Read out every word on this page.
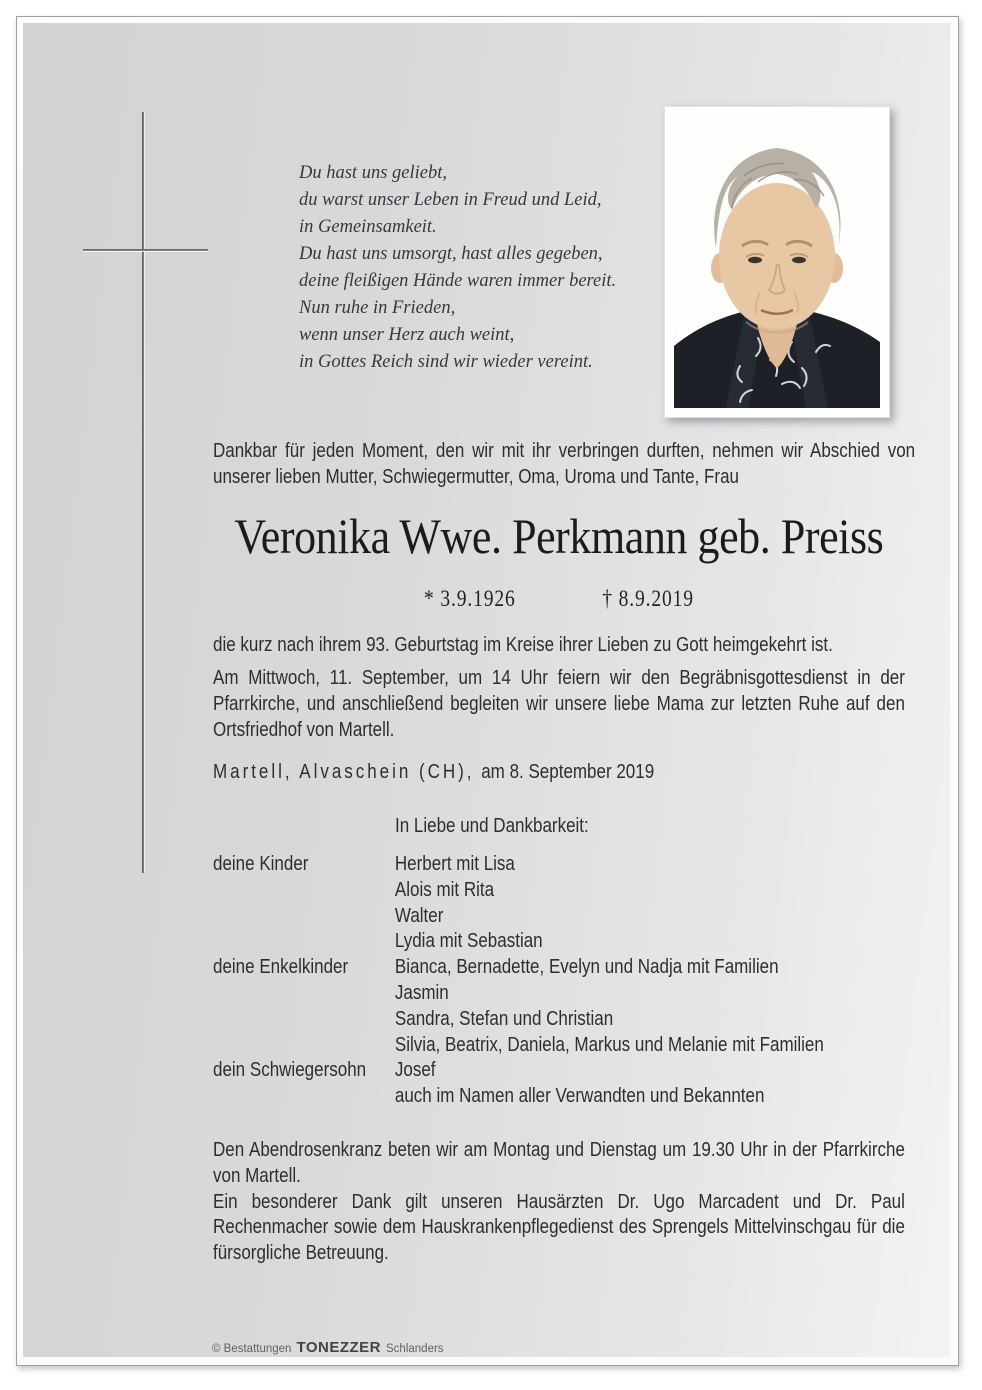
Du hast uns geliebt,
du warst unser Leben in Freud und Leid,
in Gemeinsamkeit.
Du hast uns umsorgt, hast alles gegeben,
deine fleißigen Hände waren immer bereit.
Nun ruhe in Frieden,
wenn unser Herz auch weint,
in Gottes Reich sind wir wieder vereint.
Dankbar für jeden Moment, den wir mit ihr verbringen durften, nehmen wir Abschied von unserer lieben Mutter, Schwiegermutter, Oma, Uroma und Tante, Frau
Veronika Wwe. Perkmann geb. Preiss
* 3.9.1926	† 8.9.2019
die kurz nach ihrem 93. Geburtstag im Kreise ihrer Lieben zu Gott heimgekehrt ist.
Am Mittwoch, 11. September, um 14 Uhr feiern wir den Begräbnisgottesdienst in der Pfarrkirche, und anschließend begleiten wir unsere liebe Mama zur letzten Ruhe auf den Ortsfriedhof von Martell.
Martell, Alvaschein (CH), am 8. September 2019
In Liebe und Dankbarkeit:
deine Kinder	Herbert mit Lisa
Alois mit Rita
Walter
Lydia mit Sebastian
deine Enkelkinder	Bianca, Bernadette, Evelyn und Nadja mit Familien
Jasmin
Sandra, Stefan und Christian
Silvia, Beatrix, Daniela, Markus und Melanie mit Familien
dein Schwiegersohn	Josef
auch im Namen aller Verwandten und Bekannten

Den Abendrosenkranz beten wir am Montag und Dienstag um 19.30 Uhr in der Pfarrkirche von Martell.

Ein besonderer Dank gilt unseren Hausärzten Dr. Ugo Marcadent und Dr. Paul Rechenmacher sowie dem Hauskrankenpflegedienst des Sprengels Mittelvinschgau für die fürsorgliche Betreuung.

© Bestattungen TONEZZER Schlanders
